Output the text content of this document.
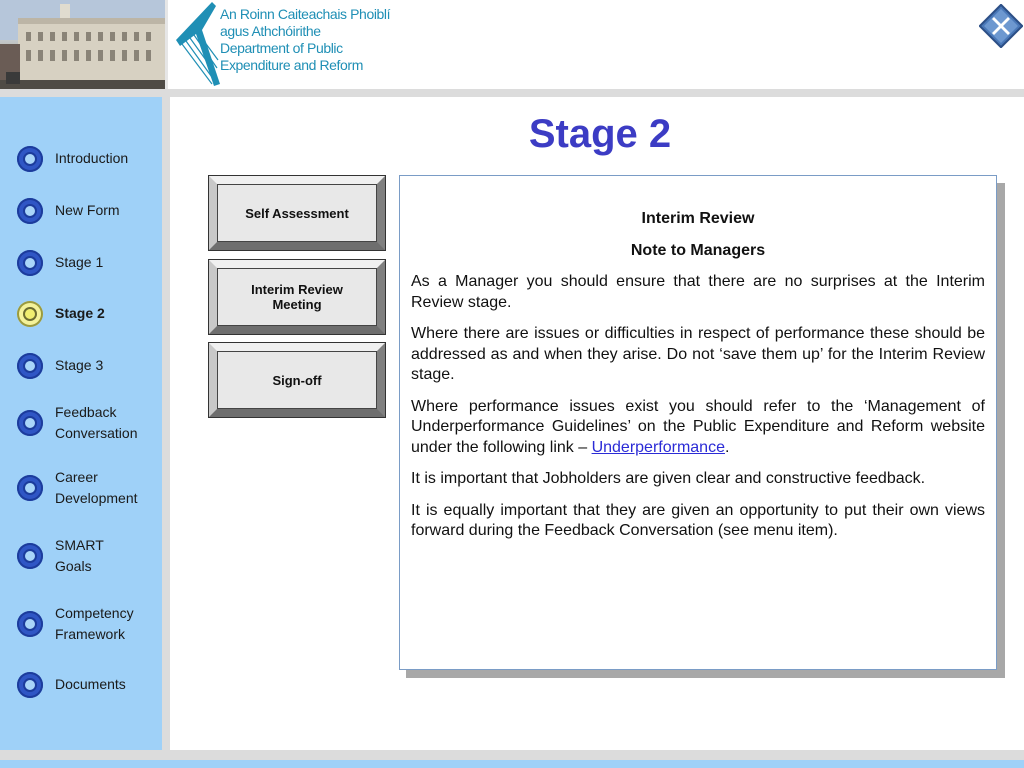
An Roinn Caiteachais Phoiblí
agus Athchóirithe
Department of Public
Expenditure and Reform
Introduction
New Form
Stage 1
Stage 2
Stage 3
Feedback Conversation
Career Development
SMART Goals
Competency Framework
Documents
Stage 2
Self Assessment
Interim Review Meeting
Sign-off

Interim Review

Note to Managers

As a Manager you should ensure that there are no surprises at the Interim Review stage.

Where there are issues or difficulties in respect of performance these should be addressed as and when they arise. Do not ‘save them up’ for the Interim Review stage.

Where performance issues exist you should refer to the ‘Management of Underperformance Guidelines’ on the Public Expenditure and Reform website under the following link – Underperformance.

It is important that Jobholders are given clear and constructive feedback.

It is equally important that they are given an opportunity to put their own views forward during the Feedback Conversation (see menu item).
